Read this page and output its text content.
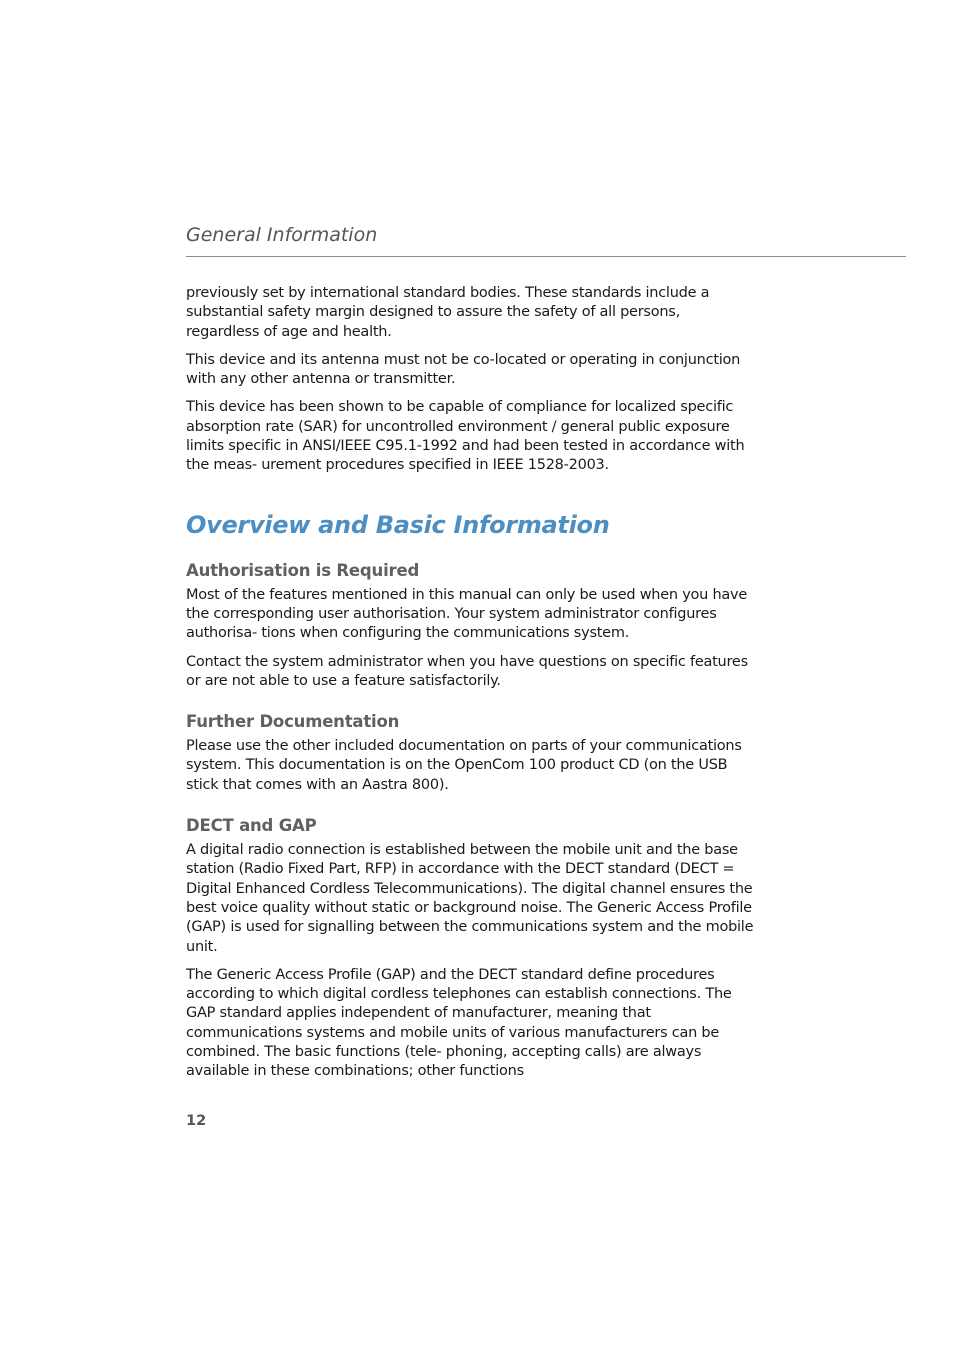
General Information

previously set by international standard bodies. These standards include a substantial safety margin designed to assure the safety of all persons, regardless of age and health.

This device and its antenna must not be co-located or operating in conjunction with any other antenna or transmitter.

This device has been shown to be capable of compliance for localized specific absorption rate (SAR) for uncontrolled environment / general public exposure limits specific in ANSI/IEEE C95.1-1992 and had been tested in accordance with the meas- urement procedures specified in IEEE 1528-2003.

Overview and Basic Information
Authorisation is Required

Most of the features mentioned in this manual can only be used when you have the corresponding user authorisation. Your system administrator configures authorisa- tions when configuring the communications system.

Contact the system administrator when you have questions on specific features or are not able to use a feature satisfactorily.

Further Documentation

Please use the other included documentation on parts of your communications system. This documentation is on the OpenCom 100 product CD (on the USB stick that comes with an Aastra 800).

DECT and GAP

A digital radio connection is established between the mobile unit and the base station (Radio Fixed Part, RFP) in accordance with the DECT standard (DECT = Digital Enhanced Cordless Telecommunications). The digital channel ensures the best voice quality without static or background noise. The Generic Access Profile (GAP) is used for signalling between the communications system and the mobile unit.

The Generic Access Profile (GAP) and the DECT standard define procedures according to which digital cordless telephones can establish connections. The GAP standard applies independent of manufacturer, meaning that communications systems and mobile units of various manufacturers can be combined. The basic functions (tele- phoning, accepting calls) are always available in these combinations; other functions

12
